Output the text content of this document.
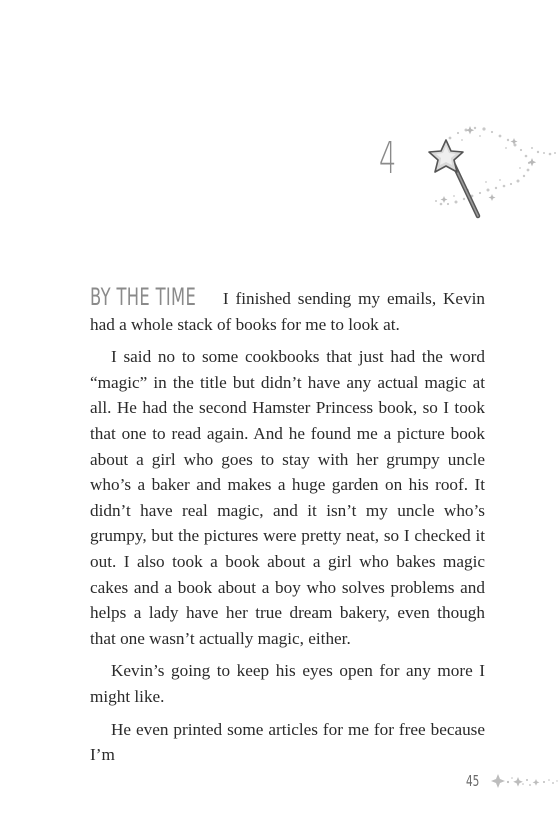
4

BY THE TIME I finished sending my emails, Kevin had a whole stack of books for me to look at.

I said no to some cookbooks that just had the word “magic” in the title but didn’t have any actual magic at all. He had the second Hamster Princess book, so I took that one to read again. And he found me a picture book about a girl who goes to stay with her grumpy uncle who’s a baker and makes a huge garden on his roof. It didn’t have real magic, and it isn’t my uncle who’s grumpy, but the pictures were pretty neat, so I checked it out. I also took a book about a girl who bakes magic cakes and a book about a boy who solves problems and helps a lady have her true dream bakery, even though that one wasn’t actually magic, either.

Kevin’s going to keep his eyes open for any more I might like.

He even printed some articles for me for free because I’m

45
